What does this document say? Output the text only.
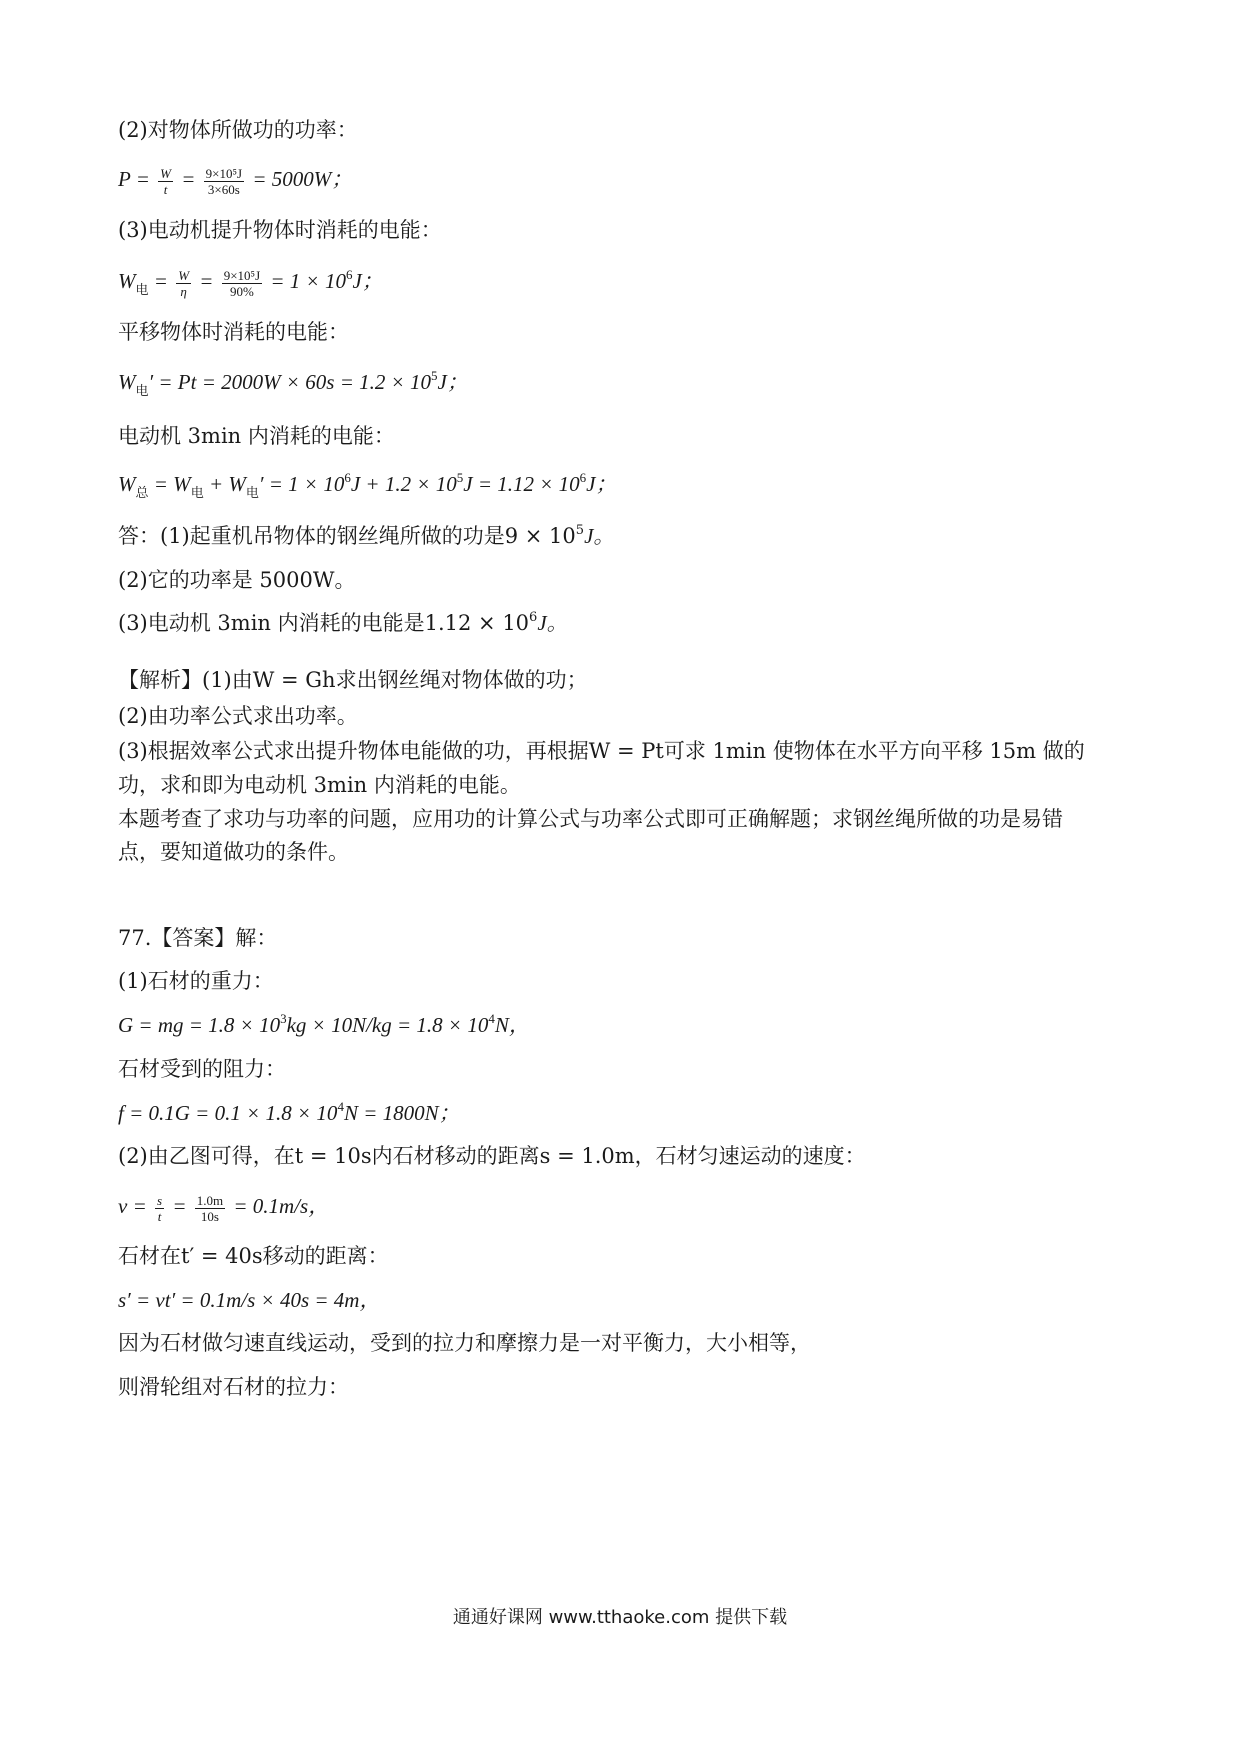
(2)对物体所做功的功率：
$P = \frac{W}{t} = \frac{\text{9×10⁵J}}{3\times 60s} = 5000W$；
(3)电动机提升物体时消耗的电能：
$W_电 = \frac{W}{\eta} = \frac{\text{9×10⁵J}}{90\%} = 1 \times 10^6J$；
平移物体时消耗的电能：
$W_电' = Pt = 2000W \times 60s = 1.2 \times 10^5J$；
电动机 3min 内消耗的电能：
$W_总 = W_电 + W_电' = 1 \times 10^6J + 1.2 \times 10^5J = 1.12 \times 10^6J$；
答：(1)起重机吊物体的钢丝绳所做的功是$9 \times 10^5J$。
(2)它的功率是 5000W。
(3)电动机 3min 内消耗的电能是$1.12 \times 10^6J$。
【解析】(1)由W = Gh求出钢丝绳对物体做的功；
(2)由功率公式求出功率。
(3)根据效率公式求出提升物体电能做的功，再根据W = Pt可求 1min 使物体在水平方向平移 15m 做的
功，求和即为电动机 3min 内消耗的电能。
本题考查了求功与功率的问题，应用功的计算公式与功率公式即可正确解题；求钢丝绳所做的功是易错
点，要知道做功的条件。
77.【答案】解：
(1)石材的重力：
G = mg = $1.8 \times 10^3kg \times 10N/kg = 1.8 \times 10^4N$，
石材受到的阻力：
$f = 0.1G = 0.1 \times 1.8 \times 10^4N = 1800N$；
(2)由乙图可得，在t = 10s内石材移动的距离s = 1.0m，石材匀速运动的速度：
$v = \frac{s}{t} = \frac{1.0m}{10s} = 0.1m/s$，
石材在t′ = 40s移动的距离：
s′ = vt′ = 0.1m/s × 40s = 4m，
因为石材做匀速直线运动，受到的拉力和摩擦力是一对平衡力，大小相等，
则滑轮组对石材的拉力：
通通好课网 www.tthaoke.com 提供下载
